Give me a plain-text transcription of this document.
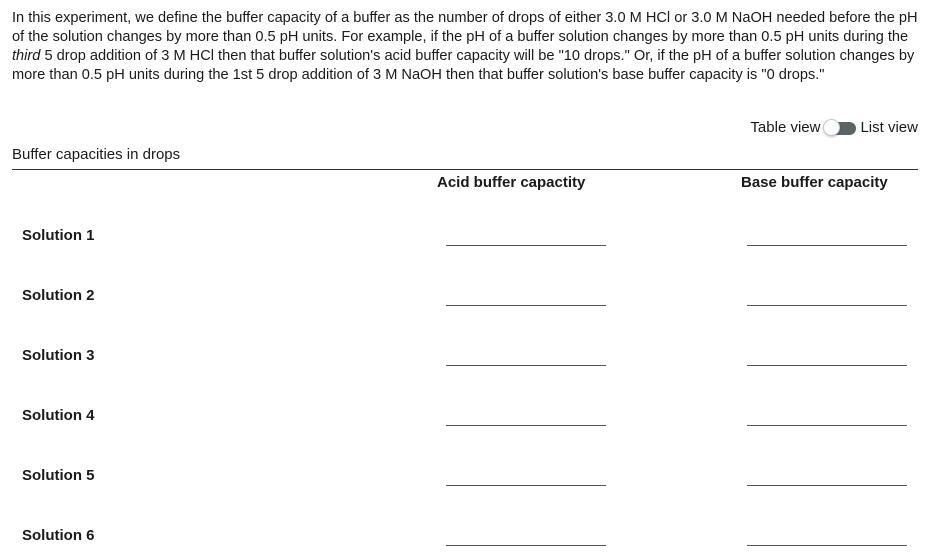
In this experiment, we define the buffer capacity of a buffer as the number of drops of either 3.0 M HCl or 3.0 M NaOH needed before the pH of the solution changes by more than 0.5 pH units. For example, if the pH of a buffer solution changes by more than 0.5 pH units during the third 5 drop addition of 3 M HCl then that buffer solution's acid buffer capacity will be "10 drops." Or, if the pH of a buffer solution changes by more than 0.5 pH units during the 1st 5 drop addition of 3 M NaOH then that buffer solution's base buffer capacity is "0 drops."

Table view	List view
Buffer capacities in drops
Acid buffer capactity	Base buffer capacity
Solution 1
Solution 2
Solution 3
Solution 4
Solution 5
Solution 6
